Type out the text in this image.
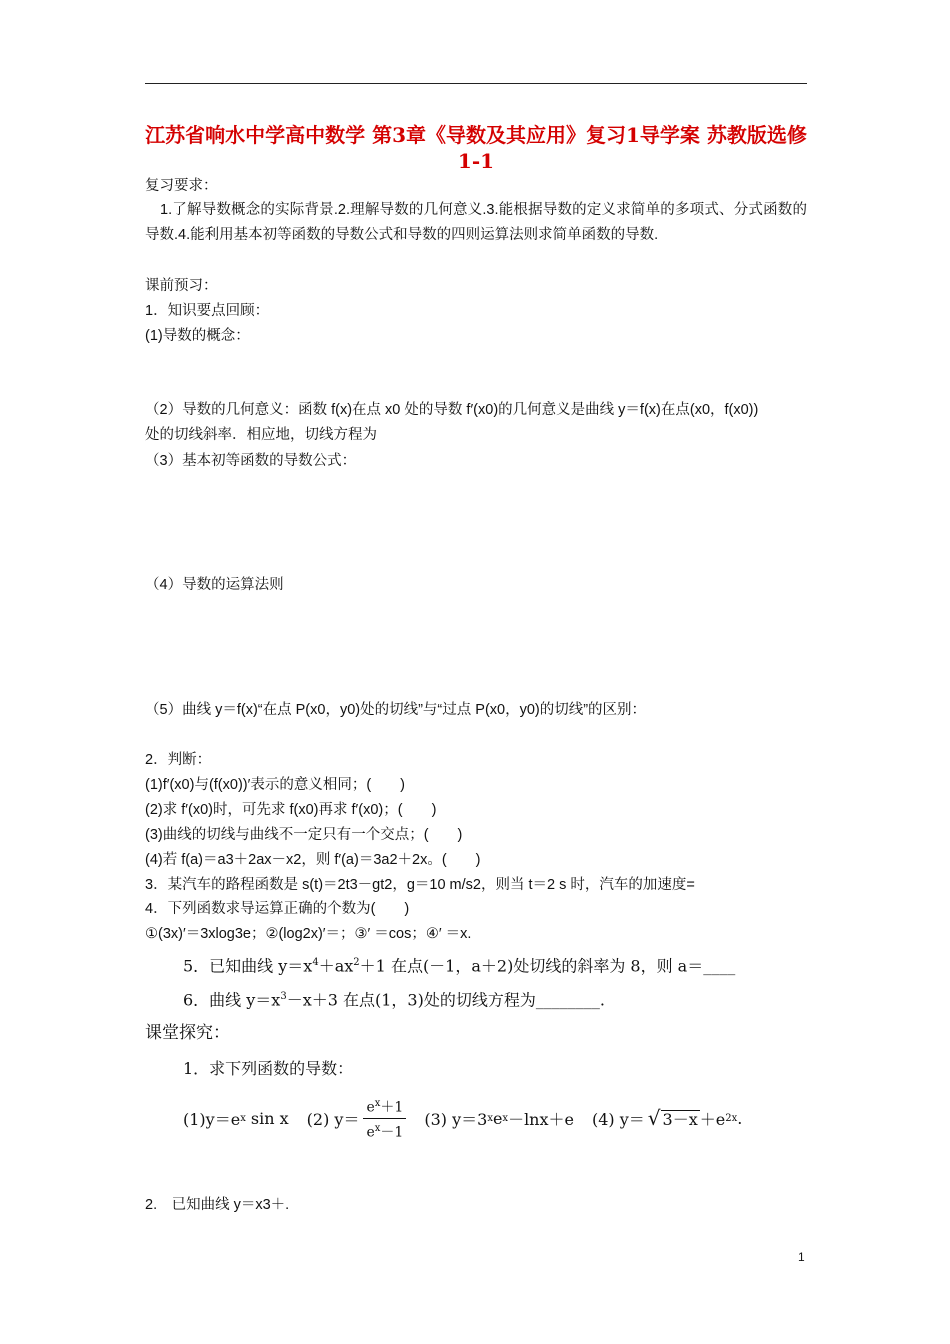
江苏省响水中学高中数学 第3章《导数及其应用》复习1导学案 苏教版选修1-1
复习要求：
1.了解导数概念的实际背景.2.理解导数的几何意义.3.能根据导数的定义求简单的多项式、分式函数的导数.4.能利用基本初等函数的导数公式和导数的四则运算法则求简单函数的导数.
课前预习：
1．知识要点回顾：
(1)导数的概念：
（2）导数的几何意义：函数 f(x)在点 x0 处的导数 f′(x0)的几何意义是曲线 y＝f(x)在点(x0，f(x0))
处的切线斜率．相应地，切线方程为
（3）基本初等函数的导数公式：
（4）导数的运算法则
（5）曲线 y＝f(x)“在点 P(x0，y0)处的切线”与“过点 P(x0，y0)的切线”的区别：
2．判断：
(1)f′(x0)与(f(x0))′表示的意义相同；(　　)
(2)求 f′(x0)时，可先求 f(x0)再求 f′(x0)；(　　)
(3)曲线的切线与曲线不一定只有一个交点；(　　)
(4)若 f(a)＝a3＋2ax－x2，则 f′(a)＝3a2＋2x。(　　)
3．某汽车的路程函数是 s(t)＝2t3－gt2，g＝10 m/s2，则当 t＝2 s 时，汽车的加速度=
4．下列函数求导运算正确的个数为(　　)
①(3x)′＝3xlog3e；②(log2x)′＝；③′ ＝cos；④′ ＝x.
5．已知曲线 $y=x^4+ax^2+1$ 在点(－1，a＋2)处切线的斜率为 8，则 a＝____
6．曲线 $y=x^3-x+3$ 在点(1，3)处的切线方程为________.
课堂探究：
1．求下列函数的导数：
(1)y＝e x
sin x (2) $y= \frac{e^x+1}{e^x-1} (3)$ y＝3 x e x －lnx＋e (4) y＝ √ 3－x ＋e 2x .
2.　已知曲线 y＝x3＋.
1
